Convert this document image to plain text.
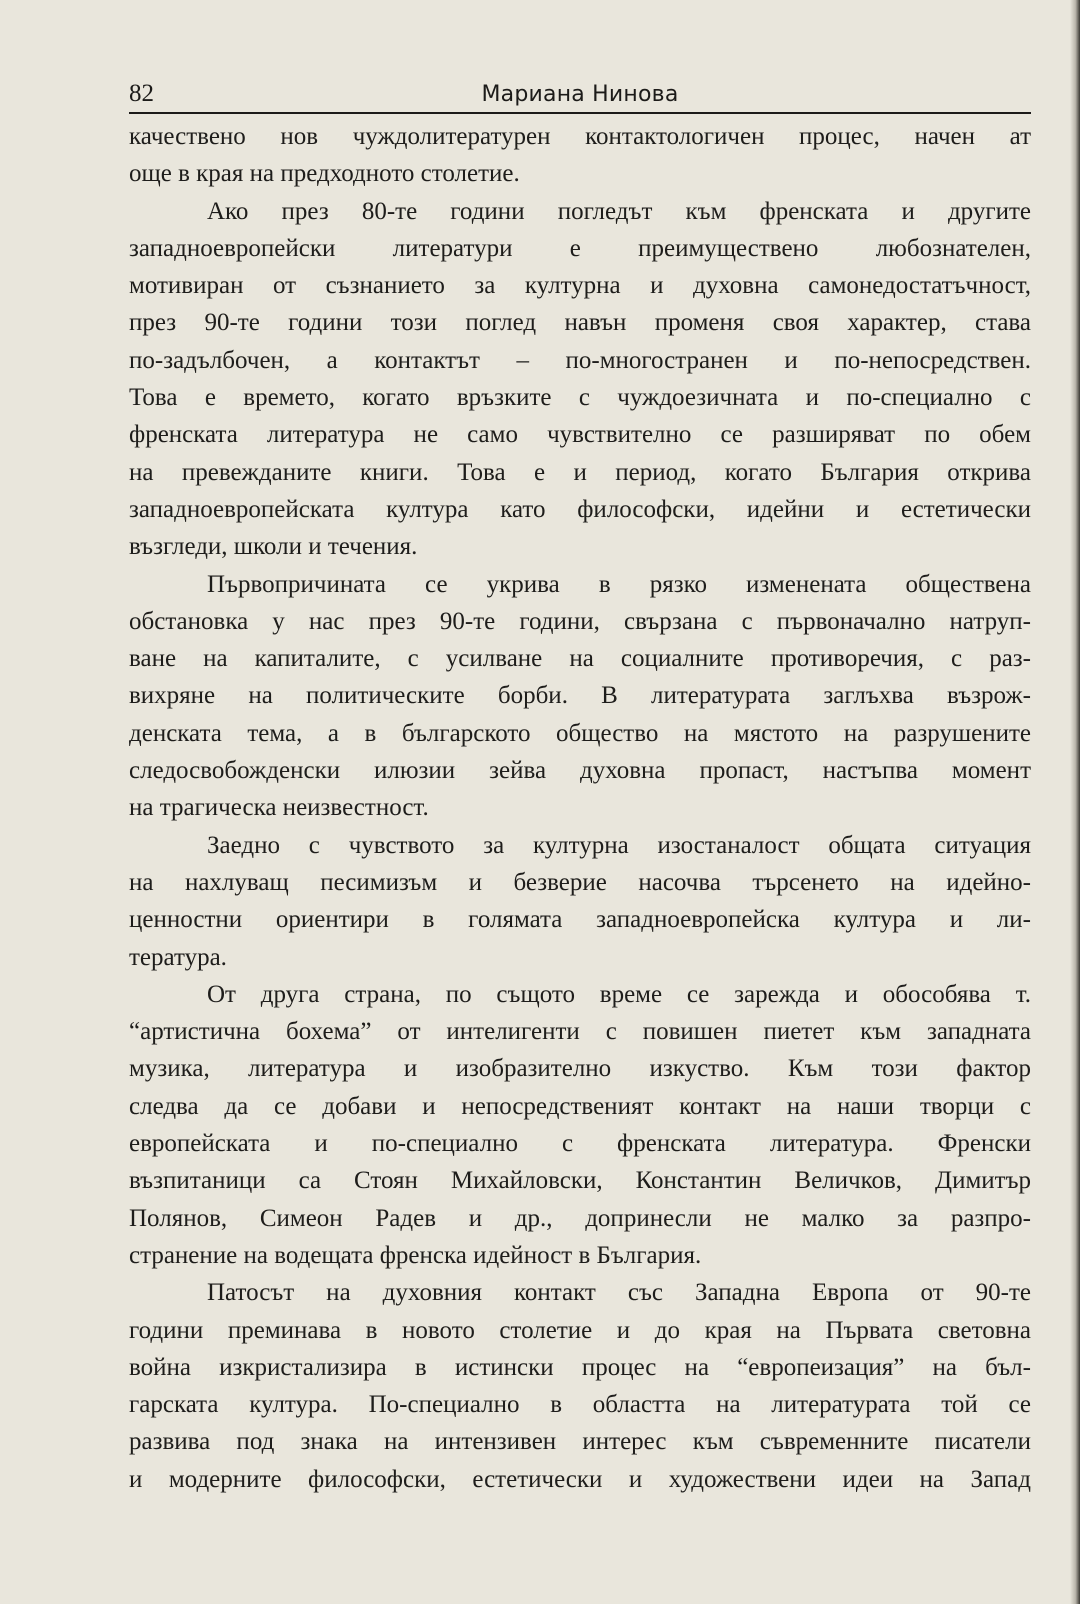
82	Мариана Нинова
качествено нов чуждолитературен контактологичен процес, начен ат
още в края на предходното столетие.
Ако през 80-те години погледът към френската и другите
западноевропейски литератури е преимуществено любознателен,
мотивиран от съзнанието за културна и духовна самонедостатъчност,
през 90-те години този поглед навън променя своя характер, става
по-задълбочен, а контактът – по-многостранен и по-непосредствен.
Това е времето, когато връзките с чуждоезичната и по-специално с
френската литература не само чувствително се разширяват по обем
на превежданите книги. Това е и период, когато България открива
западноевропейската култура като философски, идейни и естетически
възгледи, школи и течения.
Първопричината се укрива в рязко изменената обществена
обстановка у нас през 90-те години, свързана с първоначално натруп-
ване на капиталите, с усилване на социалните противоречия, с раз-
вихряне на политическите борби. В литературата заглъхва възрож-
денската тема, а в българското общество на мястото на разрушените
следосвобожденски илюзии зейва духовна пропаст, настъпва момент
на трагическа неизвестност.
Заедно с чувството за културна изостаналост общата ситуация
на нахлуващ песимизъм и безверие насочва търсенето на идейно-
ценностни ориентири в голямата западноевропейска култура и ли-
тература.
От друга страна, по същото време се зарежда и обособява т.
“артистична бохема” от интелигенти с повишен пиетет към западната
музика, литература и изобразително изкуство. Към този фактор
следва да се добави и непосредственият контакт на наши творци с
европейската и по-специално с френската литература. Френски
възпитаници са Стоян Михайловски, Константин Величков, Димитър
Полянов, Симеон Радев и др., допринесли не малко за разпро-
странение на водещата френска идейност в България.
Патосът на духовния контакт със Западна Европа от 90-те
години преминава в новото столетие и до края на Първата световна
война изкристализира в истински процес на “европеизация” на бъл-
гарската култура. По-специално в областта на литературата той се
развива под знака на интензивен интерес към съвременните писатели
и модерните философски, естетически и художествени идеи на Запад
